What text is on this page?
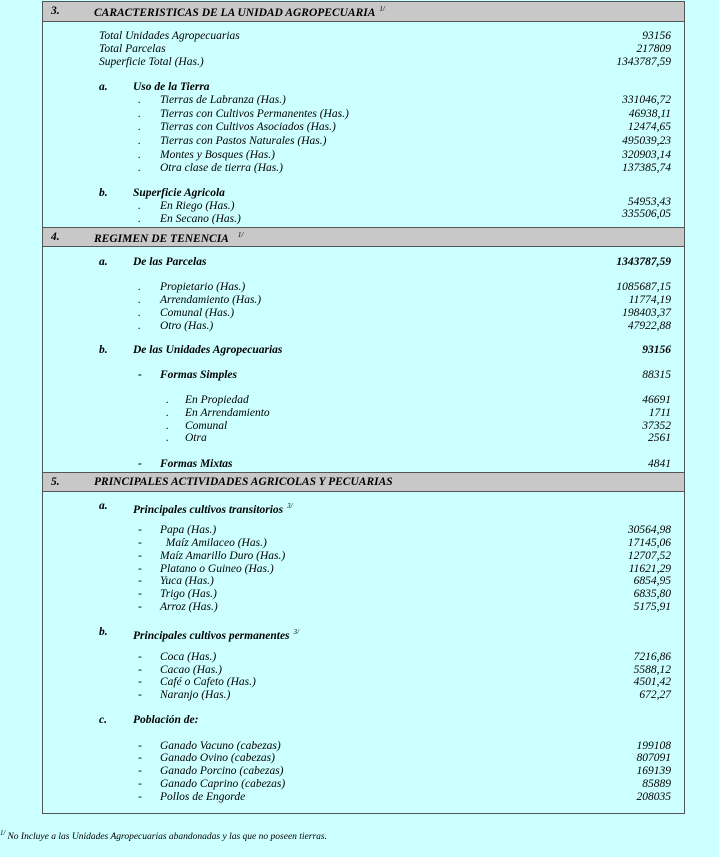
3.	CARACTERISTICAS DE LA UNIDAD AGROPECUARIA $^{1/}$
Total Unidades Agropecuarias	93156
Total Parcelas	217809
Superficie Total (Has.)	1343787,59
a. Uso de la Tierra
. Tierras de Labranza (Has.)	331046,72
. Tierras con Cultivos Permanentes (Has.)	46938,11
. Tierras con Cultivos Asociados (Has.)	12474,65
. Tierras con Pastos Naturales (Has.)	495039,23
. Montes y Bosques (Has.)	320903,14
. Otra clase de tierra (Has.)	137385,74
b. Superficie Agricola
. En Riego (Has.)	54953,43
. En Secano (Has.)	335506,05
4.	REGIMEN DE TENENCIA $^{1/}$
a. De las Parcelas	1343787,59
. Propietario (Has.)	1085687,15
. Arrendamiento (Has.)	11774,19
. Comunal (Has.)	198403,37
. Otro (Has.)	47922,88
b. De las Unidades Agropecuarias	93156
- Formas Simples	88315
. En Propiedad	46691
. En Arrendamiento	1711
. Comunal	37352
. Otra	2561
- Formas Mixtas	4841
5.	PRINCIPALES ACTIVIDADES AGRICOLAS Y PECUARIAS
a. Principales cultivos transitorios $^{3/}$
- Papa (Has.)	30564,98
- Maíz Amilaceo (Has.)	17145,06
- Maíz Amarillo Duro (Has.)	12707,52
- Platano o Guineo (Has.)	11621,29
- Yuca (Has.)	6854,95
- Trigo (Has.)	6835,80
- Arroz (Has.)	5175,91
b. Principales cultivos permanentes $^{3/}$
- Coca (Has.)	7216,86
- Cacao (Has.)	5588,12
- Café o Cafeto (Has.)	4501,42
- Naranjo (Has.)	672,27
c. Población de:
- Ganado Vacuno (cabezas)	199108
- Ganado Ovino (cabezas)	807091
- Ganado Porcino (cabezas)	169139
- Ganado Caprino (cabezas)	85889
- Pollos de Engorde	208035
$^{1/}$ No Incluye a las Unidades Agropecuarias abandonadas y las que no poseen tierras.
